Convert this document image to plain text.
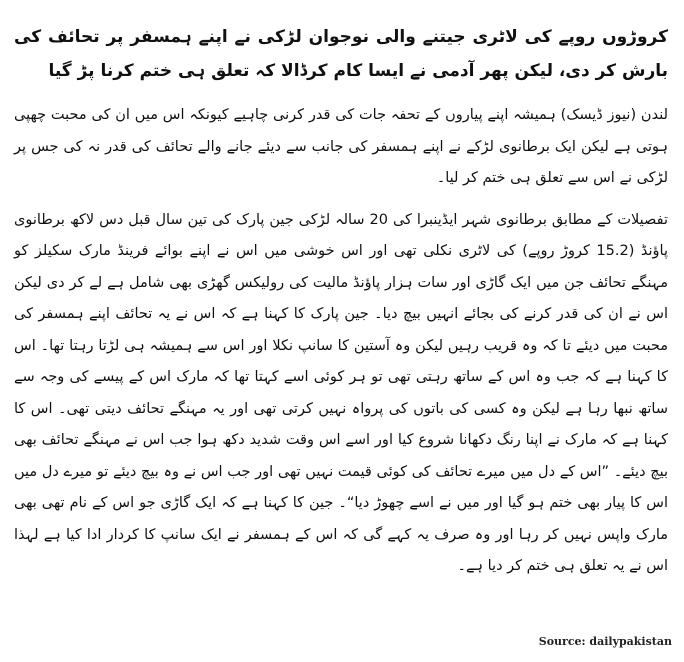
کروڑوں روپے کی لاٹری جیتنے والی نوجوان لڑکی نے اپنے ہمسفر پر تحائف کی بارش کر دی، لیکن پھر آدمی نے ایسا کام کرڈالا کہ تعلق ہی ختم کرنا پڑ گیا

لندن (نیوز ڈیسک) ہمیشہ اپنے پیاروں کے تحفہ جات کی قدر کرنی چاہیے کیونکہ اس میں ان کی محبت چھپی ہوتی ہے لیکن ایک برطانوی لڑکے نے اپنے ہمسفر کی جانب سے دیئے جانے والے تحائف کی قدر نہ کی جس پر لڑکی نے اس سے تعلق ہی ختم کر لیا۔

تفصیلات کے مطابق برطانوی شہر ایڈینبرا کی 20 سالہ لڑکی جین پارک کی تین سال قبل دس لاکھ برطانوی پاﺅنڈ (15.2 کروڑ روپے) کی لاٹری نکلی تھی اور اس خوشی میں اس نے اپنے بوائے فرینڈ مارک سکیلز کو مہنگے تحائف جن میں ایک گاڑی اور سات ہزار پاﺅنڈ مالیت کی رولیکس گھڑی بھی شامل ہے لے کر دی لیکن اس نے ان کی قدر کرنے کی بجائے انہیں بیچ دیا۔ جین پارک کا کہنا ہے کہ اس نے یہ تحائف اپنے ہمسفر کی محبت میں دیئے تا کہ وہ قریب رہیں لیکن وہ آستین کا سانپ نکلا اور اس سے ہمیشہ ہی لڑتا رہتا تھا۔ اس کا کہنا ہے کہ جب وہ اس کے ساتھ رہتی تھی تو ہر کوئی اسے کہتا تھا کہ مارک اس کے پیسے کی وجہ سے ساتھ نبھا رہا ہے لیکن وہ کسی کی باتوں کی پرواہ نہیں کرتی تھی اور یہ مہنگے تحائف دیتی تھی۔ اس کا کہنا ہے کہ مارک نے اپنا رنگ دکھانا شروع کیا اور اسے اس وقت شدید دکھ ہوا جب اس نے مہنگے تحائف بھی بیچ دیئے۔ ”اس کے دل میں میرے تحائف کی کوئی قیمت نہیں تھی اور جب اس نے وہ بیچ دیئے تو میرے دل میں اس کا پیار بھی ختم ہو گیا اور میں نے اسے چھوڑ دیا“۔ جین کا کہنا ہے کہ ایک گاڑی جو اس کے نام تھی بھی مارک واپس نہیں کر رہا اور وہ صرف یہ کہے گی کہ اس کے ہمسفر نے ایک سانپ کا کردار ادا کیا ہے لہذا اس نے یہ تعلق ہی ختم کر دیا ہے۔

Source: dailypakistan
